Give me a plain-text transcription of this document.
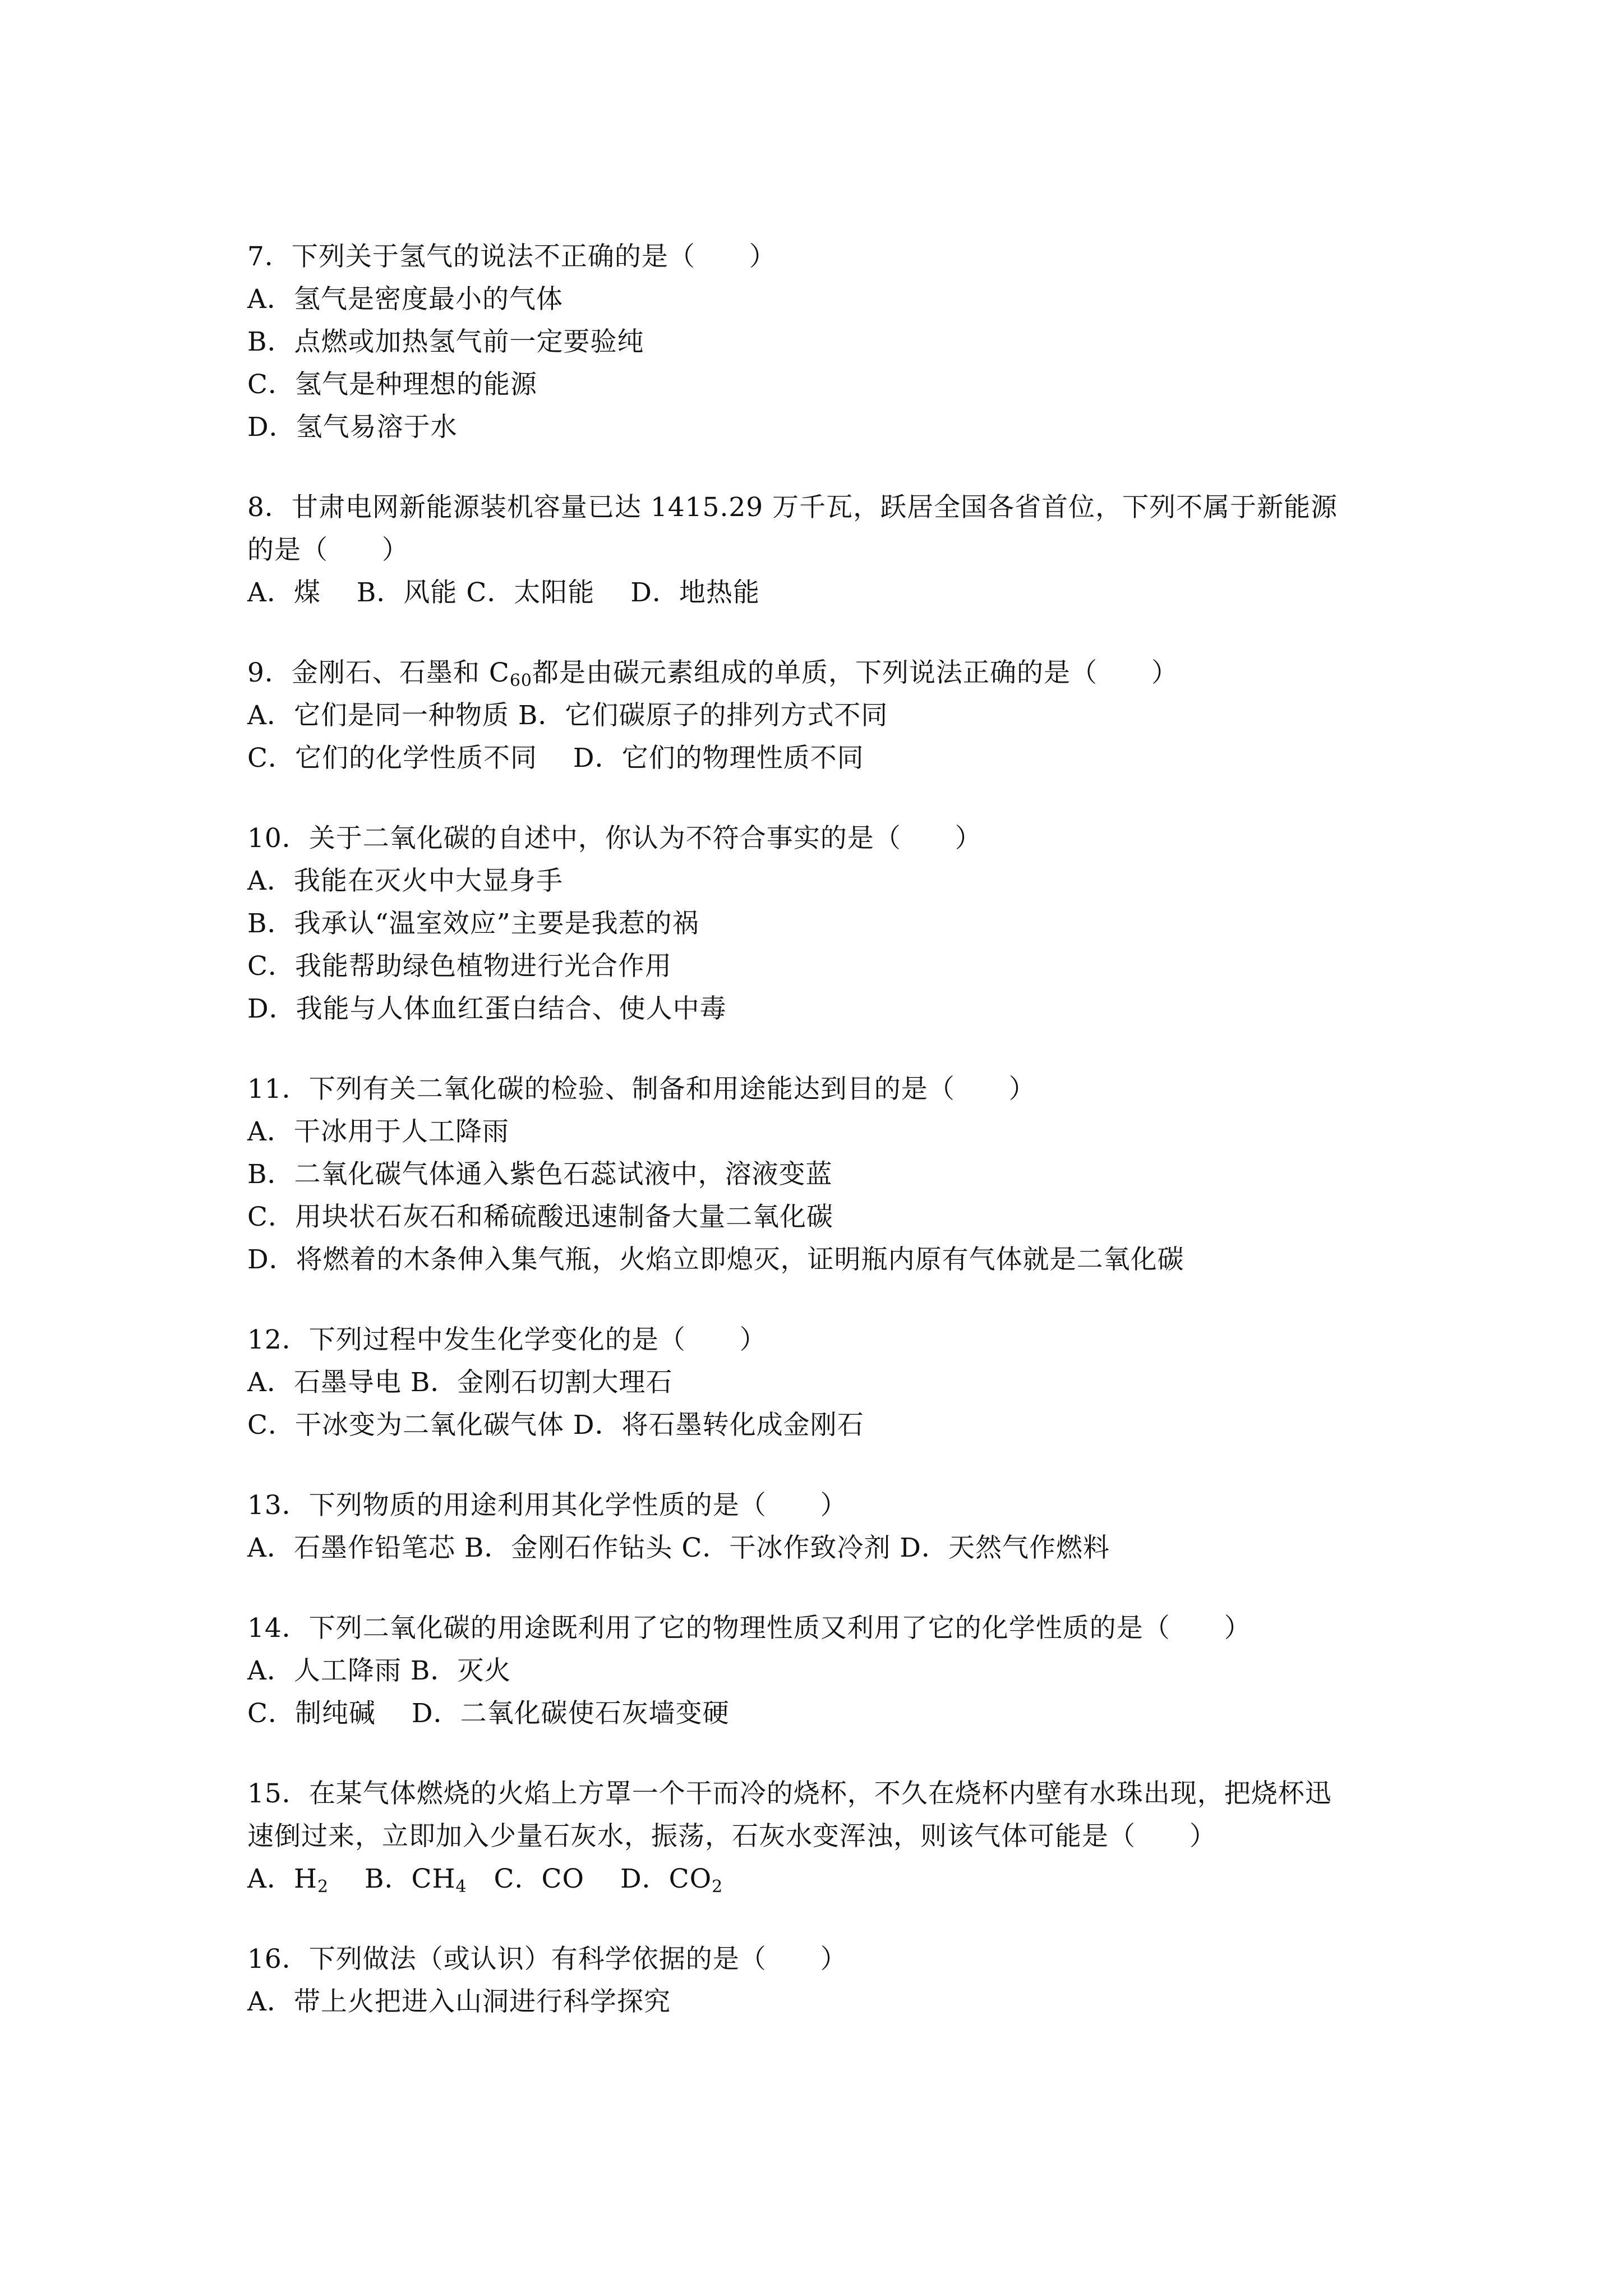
7．下列关于氢气的说法不正确的是（　　）
A．氢气是密度最小的气体
B．点燃或加热氢气前一定要验纯
C．氢气是种理想的能源
D．氢气易溶于水
8．甘肃电网新能源装机容量已达 1415.29 万千瓦，跃居全国各省首位，下列不属于新能源
的是（　　）
A．煤　 B．风能 C．太阳能　 D．地热能
9．金刚石、石墨和 $C_{60}$都是由碳元素组成的单质，下列说法正确的是（　　）
A．它们是同一种物质 B．它们碳原子的排列方式不同
C．它们的化学性质不同　 D．它们的物理性质不同
10．关于二氧化碳的自述中，你认为不符合事实的是（　　）
A．我能在灭火中大显身手
B．我承认“温室效应”主要是我惹的祸
C．我能帮助绿色植物进行光合作用
D．我能与人体血红蛋白结合、使人中毒
11．下列有关二氧化碳的检验、制备和用途能达到目的是（　　）
A．干冰用于人工降雨
B．二氧化碳气体通入紫色石蕊试液中，溶液变蓝
C．用块状石灰石和稀硫酸迅速制备大量二氧化碳
D．将燃着的木条伸入集气瓶，火焰立即熄灭，证明瓶内原有气体就是二氧化碳
12．下列过程中发生化学变化的是（　　）
A．石墨导电 B．金刚石切割大理石
C．干冰变为二氧化碳气体 D．将石墨转化成金刚石
13．下列物质的用途利用其化学性质的是（　　）
A．石墨作铅笔芯 B．金刚石作钻头 C．干冰作致冷剂 D．天然气作燃料
14．下列二氧化碳的用途既利用了它的物理性质又利用了它的化学性质的是（　　）
A．人工降雨 B．灭火
C．制纯碱　 D．二氧化碳使石灰墙变硬
15．在某气体燃烧的火焰上方罩一个干而冷的烧杯，不久在烧杯内壁有水珠出现，把烧杯迅
速倒过来，立即加入少量石灰水，振荡，石灰水变浑浊，则该气体可能是（　　）
A．$H_2$　 B．$CH_4$　C．CO　 D．$CO_2$
16．下列做法（或认识）有科学依据的是（　　）
A．带上火把进入山洞进行科学探究
